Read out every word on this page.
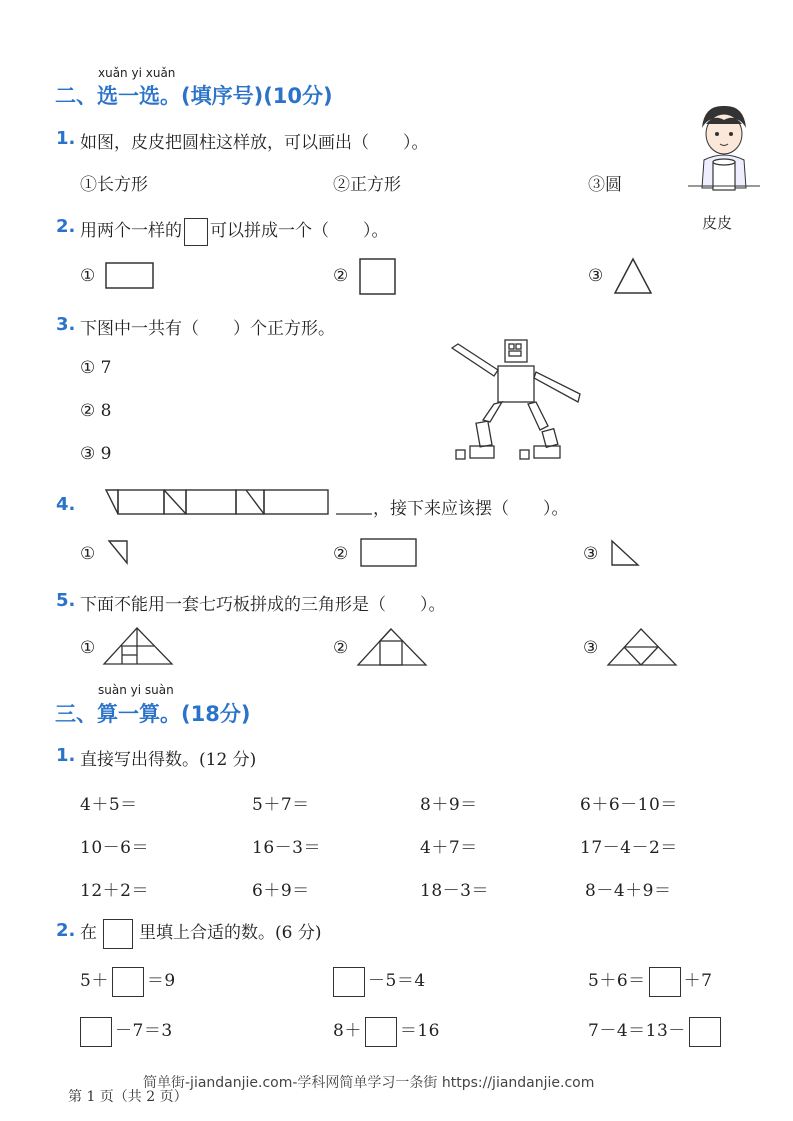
xuǎn yi xuǎn
二、选一选。(填序号)(10分)
1. 如图，皮皮把圆柱这样放，可以画出（　　）。
①长方形	②正方形	③圆
皮皮
2. 用两个一样的 可以拼成一个（　　）。
①	②	③
3. 下图中一共有（　　）个正方形。
① 7
② 8
③ 9
4.	，接下来应该摆（　　）。
①	②	③
5. 下面不能用一套七巧板拼成的三角形是（　　）。
①	②	③
suàn yi suàn
三、算一算。(18分)
1. 直接写出得数。(12 分)
4＋5＝	5＋7＝	8＋9＝	6＋6－10＝
10－6＝	16－3＝	4＋7＝	17－4－2＝
12＋2＝	6＋9＝	18－3＝	8－4＋9＝
2. 在 里填上合适的数。(6 分)
5＋ ＝9	－5＝4	5＋6＝ ＋7
－7＝3	8＋ ＝16	7－4＝13－
简单街-jiandanjie.com-学科网简单学习一条街 https://jiandanjie.com
第 1 页（共 2 页）
